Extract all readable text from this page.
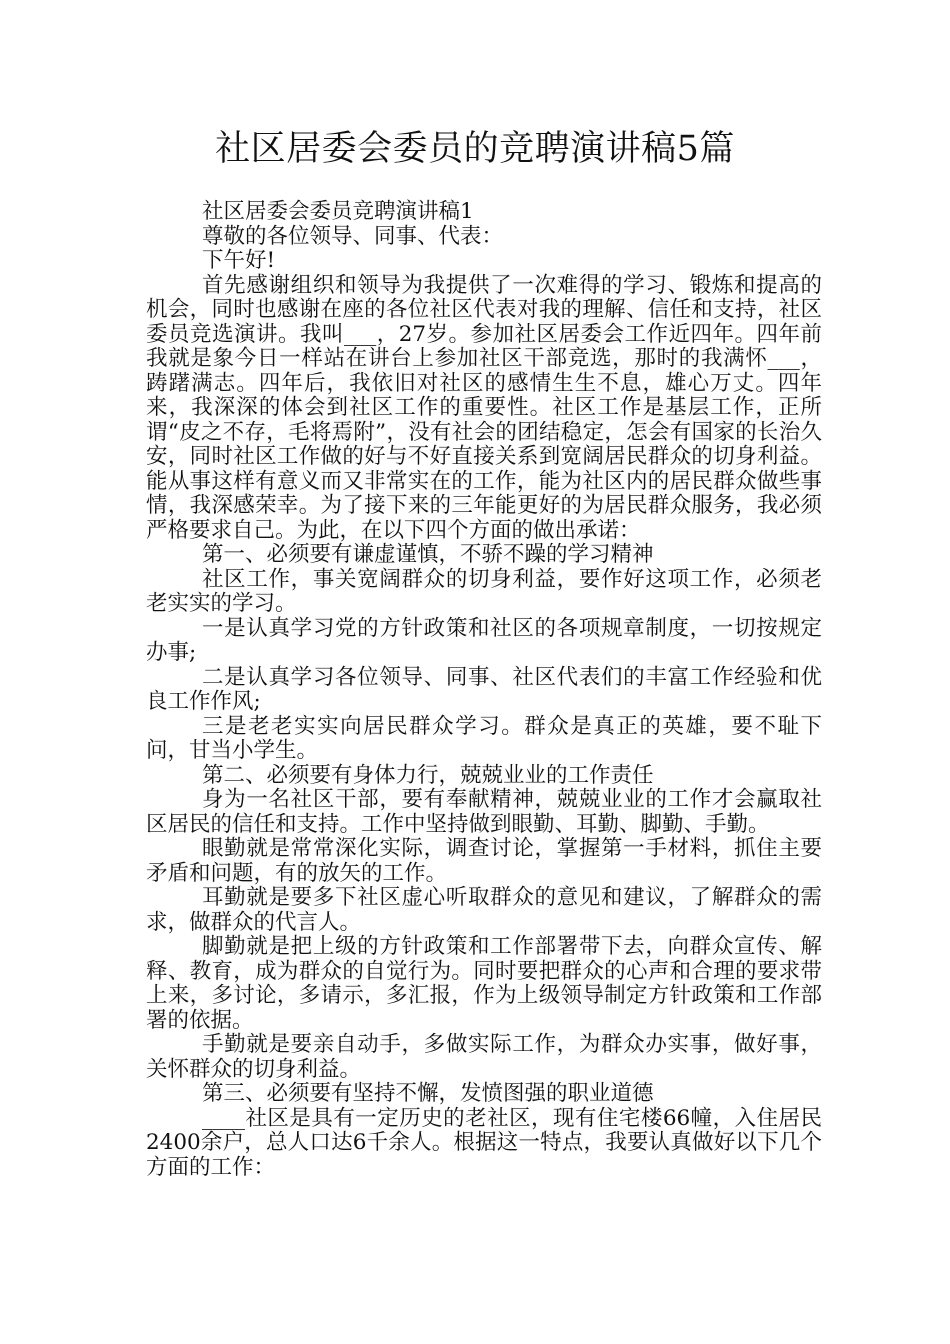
社区居委会委员的竞聘演讲稿5篇

社区居委会委员竞聘演讲稿1

尊敬的各位领导、同事、代表：

下午好!

首先感谢组织和领导为我提供了一次难得的学习、锻炼和提高的机会，同时也感谢在座的各位社区代表对我的理解、信任和支持，社区委员竞选演讲。我叫___，27岁。参加社区居委会工作近四年。四年前我就是象今日一样站在讲台上参加社区干部竞选，那时的我满怀___，踌躇满志。四年后，我依旧对社区的感情生生不息，雄心万丈。四年来，我深深的体会到社区工作的重要性。社区工作是基层工作，正所谓“皮之不存，毛将焉附”，没有社会的团结稳定，怎会有国家的长治久安，同时社区工作做的好与不好直接关系到宽阔居民群众的切身利益。能从事这样有意义而又非常实在的工作，能为社区内的居民群众做些事情，我深感荣幸。为了接下来的三年能更好的为居民群众服务，我必须严格要求自己。为此，在以下四个方面的做出承诺：

第一、必须要有谦虚谨慎，不骄不躁的学习精神

社区工作，事关宽阔群众的切身利益，要作好这项工作，必须老老实实的学习。

一是认真学习党的方针政策和社区的各项规章制度，一切按规定办事;

二是认真学习各位领导、同事、社区代表们的丰富工作经验和优良工作作风;

三是老老实实向居民群众学习。群众是真正的英雄，要不耻下问，甘当小学生。

第二、必须要有身体力行，兢兢业业的工作责任

身为一名社区干部，要有奉献精神，兢兢业业的工作才会赢取社区居民的信任和支持。工作中坚持做到眼勤、耳勤、脚勤、手勤。

眼勤就是常常深化实际，调查讨论，掌握第一手材料，抓住主要矛盾和问题，有的放矢的工作。

耳勤就是要多下社区虚心听取群众的意见和建议，了解群众的需求，做群众的代言人。

脚勤就是把上级的方针政策和工作部署带下去，向群众宣传、解释、教育，成为群众的自觉行为。同时要把群众的心声和合理的要求带上来，多讨论，多请示，多汇报，作为上级领导制定方针政策和工作部署的依据。

手勤就是要亲自动手，多做实际工作，为群众办实事，做好事，关怀群众的切身利益。

第三、必须要有坚持不懈，发愤图强的职业道德

____社区是具有一定历史的老社区，现有住宅楼66幢，入住居民2400余户，总人口达6千余人。根据这一特点，我要认真做好以下几个方面的工作：
